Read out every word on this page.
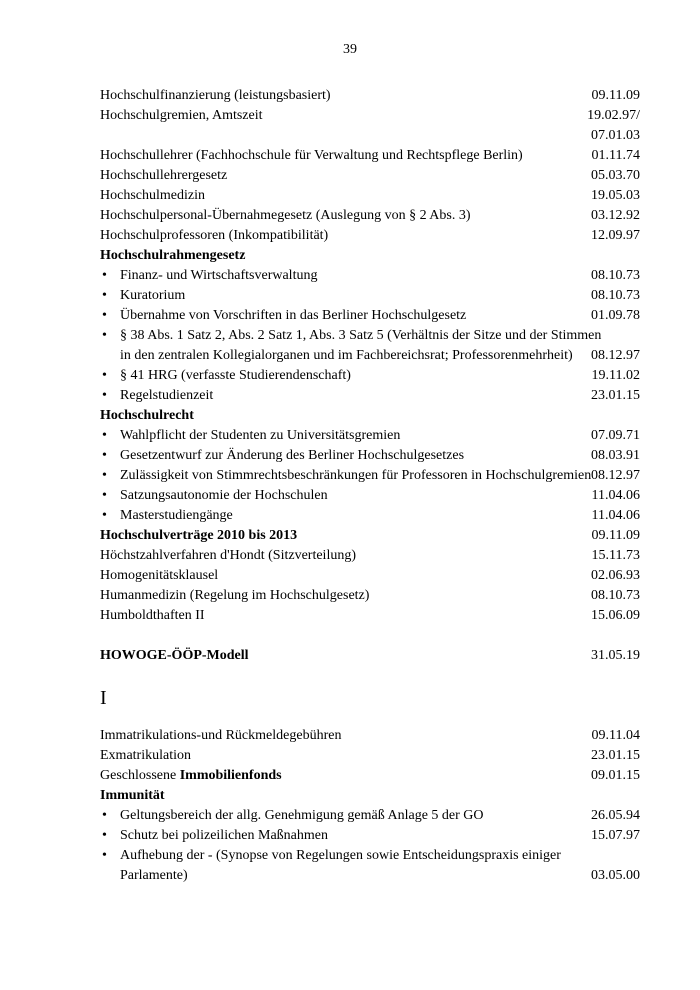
39
Hochschulfinanzierung (leistungsbasiert)	09.11.09
Hochschulgremien, Amtszeit	19.02.97/
07.01.03
Hochschullehrer (Fachhochschule für Verwaltung und Rechtspflege Berlin)	01.11.74
Hochschullehrergesetz	05.03.70
Hochschulmedizin	19.05.03
Hochschulpersonal-Übernahmegesetz (Auslegung von § 2 Abs. 3)	03.12.92
Hochschulprofessoren (Inkompatibilität)	12.09.97
Hochschulrahmengesetz
• Finanz- und Wirtschaftsverwaltung	08.10.73
• Kuratorium	08.10.73
• Übernahme von Vorschriften in das Berliner Hochschulgesetz	01.09.78
• § 38 Abs. 1 Satz 2, Abs. 2 Satz 1, Abs. 3 Satz 5 (Verhältnis der Sitze und der Stimmen
in den zentralen Kollegialorganen und im Fachbereichsrat; Professorenmehrheit)	08.12.97
• § 41 HRG (verfasste Studierendenschaft)	19.11.02
• Regelstudienzeit	23.01.15
Hochschulrecht
• Wahlpflicht der Studenten zu Universitätsgremien	07.09.71
• Gesetzentwurf zur Änderung des Berliner Hochschulgesetzes	08.03.91
• Zulässigkeit von Stimmrechtsbeschränkungen für Professoren in Hochschulgremien 08.12.97
• Satzungsautonomie der Hochschulen	11.04.06
• Masterstudiengänge	11.04.06
Hochschulverträge 2010 bis 2013	09.11.09
Höchstzahlverfahren d'Hondt (Sitzverteilung)	15.11.73
Homogenitätsklausel	02.06.93
Humanmedizin (Regelung im Hochschulgesetz)	08.10.73
Humboldthaften II	15.06.09
HOWOGE-ÖÖP-Modell	31.05.19
I
Immatrikulations-und Rückmeldegebühren	09.11.04
Exmatrikulation	23.01.15
Geschlossene Immobilienfonds	09.01.15
Immunität
• Geltungsbereich der allg. Genehmigung gemäß Anlage 5 der GO	26.05.94
• Schutz bei polizeilichen Maßnahmen	15.07.97
• Aufhebung der - (Synopse von Regelungen sowie Entscheidungspraxis einiger
Parlamente)	03.05.00
